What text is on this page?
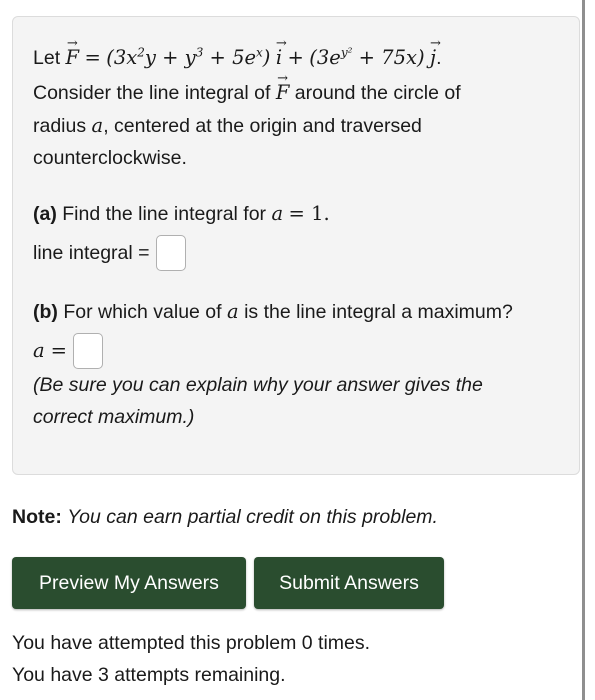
Let → $F = (3x^2y + y^3 + 5e^x) \to i + (3e^{y^2} + 75x) \to j$.
Consider the line integral of → F around the circle of
radius a, centered at the origin and traversed
counterclockwise.
(a) Find the line integral for a = 1.
line integral =
(b) For which value of a is the line integral a maximum?
a =
(Be sure you can explain why your answer gives the
correct maximum.)
Note: You can earn partial credit on this problem.
Preview My Answers	Submit Answers
You have attempted this problem 0 times.
You have 3 attempts remaining.
